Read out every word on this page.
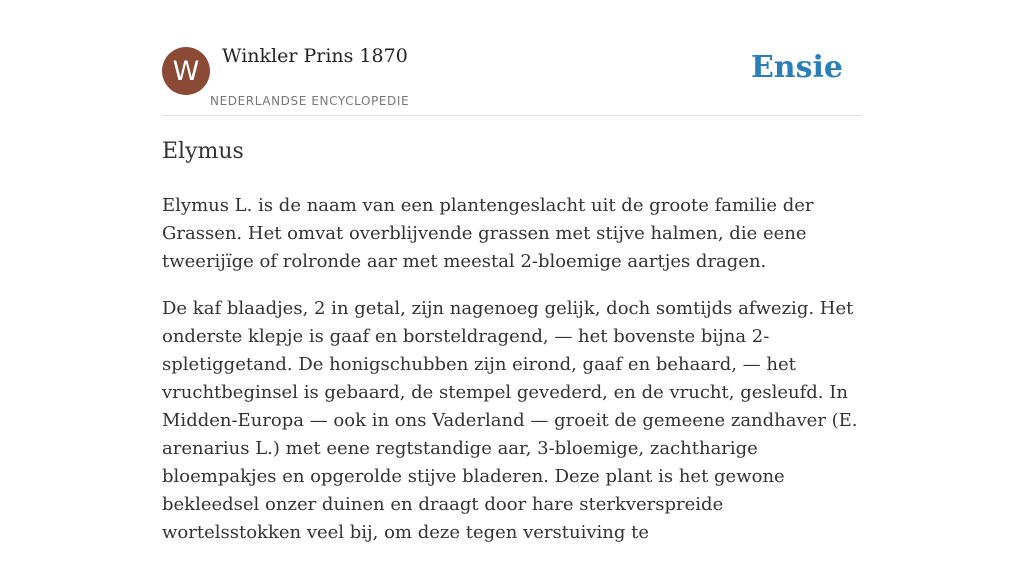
W	Winkler Prins 1870
NEDERLANDSE ENCYCLOPEDIE
Ensie
Elymus

Elymus L. is de naam van een plantengeslacht uit de groote familie der Grassen. Het omvat overblijvende grassen met stijve halmen, die eene tweerijïge of rolronde aar met meestal 2-bloemige aartjes dragen.

De kaf blaadjes, 2 in getal, zijn nagenoeg gelijk, doch somtijds afwezig. Het onderste klepje is gaaf en borsteldragend, — het bovenste bijna 2-spletiggetand. De honigschubben zijn eirond, gaaf en behaard, — het vruchtbeginsel is gebaard, de stempel gevederd, en de vrucht, gesleufd. In Midden-Europa — ook in ons Vaderland — groeit de gemeene zandhaver (E. arenarius L.) met eene regtstandige aar, 3-bloemige, zachtharige bloempakjes en opgerolde stijve bladeren. Deze plant is het gewone bekleedsel onzer duinen en draagt door hare sterkverspreide wortelsstokken veel bij, om deze tegen verstuiving te
